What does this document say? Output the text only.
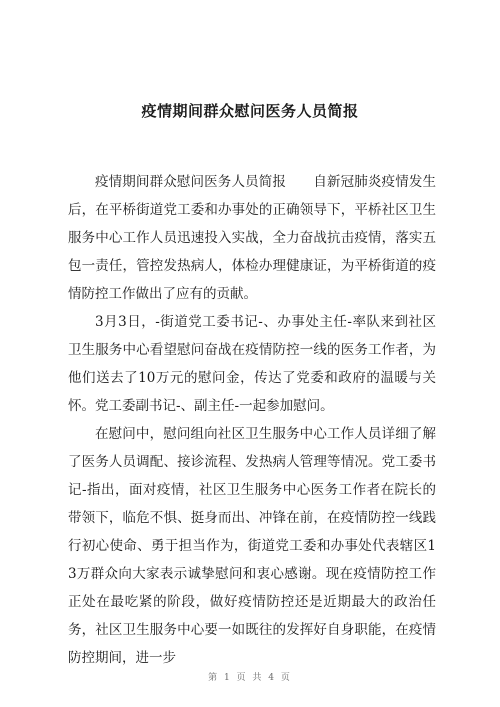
疫情期间群众慰问医务人员简报

疫情期间群众慰问医务人员简报　　自新冠肺炎疫情发生后，在平桥街道党工委和办事处的正确领导下，平桥社区卫生服务中心工作人员迅速投入实战，全力奋战抗击疫情，落实五包一责任，管控发热病人，体检办理健康证，为平桥街道的疫情防控工作做出了应有的贡献。

3月3日，-街道党工委书记-、办事处主任-率队来到社区卫生服务中心看望慰问奋战在疫情防控一线的医务工作者，为他们送去了10万元的慰问金，传达了党委和政府的温暖与关怀。党工委副书记-、副主任-一起参加慰问。

在慰问中，慰问组向社区卫生服务中心工作人员详细了解了医务人员调配、接诊流程、发热病人管理等情况。党工委书记-指出，面对疫情，社区卫生服务中心医务工作者在院长的带领下，临危不惧、挺身而出、冲锋在前，在疫情防控一线践行初心使命、勇于担当作为，街道党工委和办事处代表辖区13万群众向大家表示诚挚慰问和衷心感谢。现在疫情防控工作正处在最吃紧的阶段，做好疫情防控还是近期最大的政治任务，社区卫生服务中心要一如既往的发挥好自身职能，在疫情防控期间，进一步

第 1 页 共 4 页
